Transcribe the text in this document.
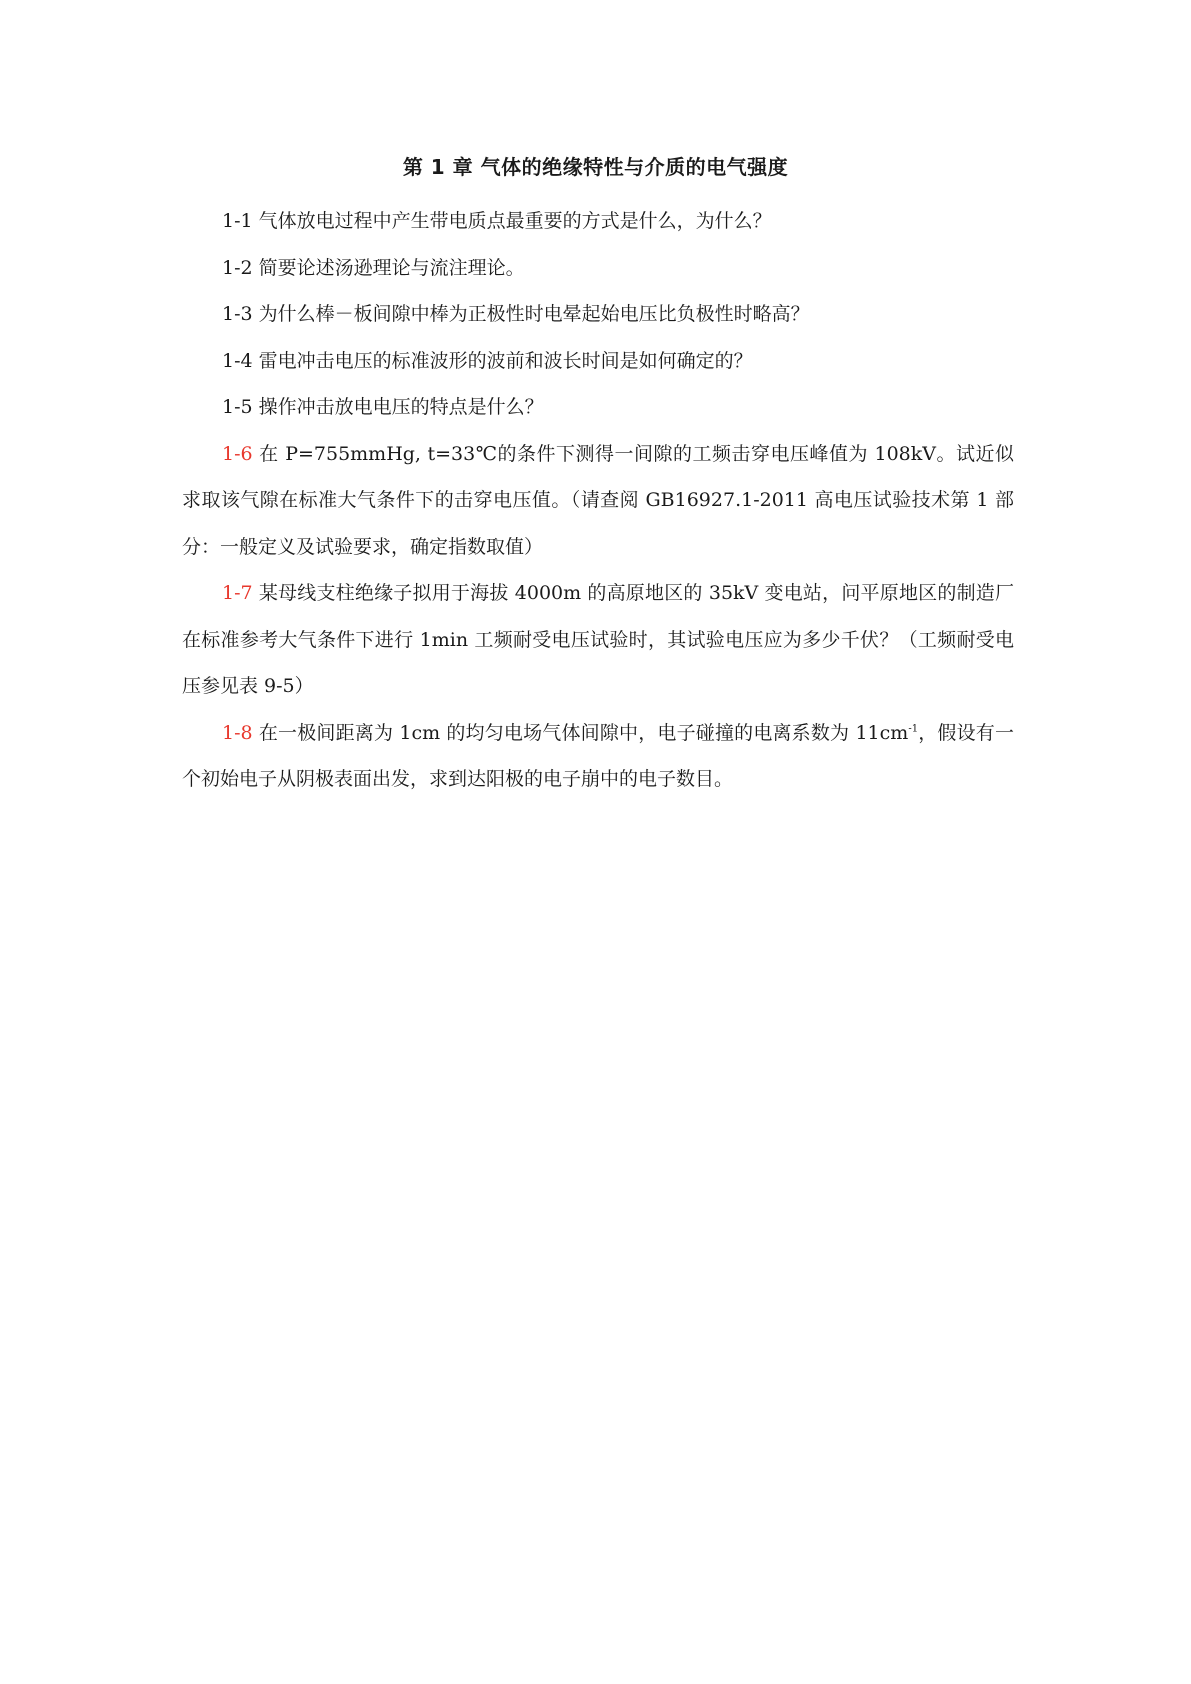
第 1 章 气体的绝缘特性与介质的电气强度

1-1 气体放电过程中产生带电质点最重要的方式是什么，为什么？

1-2 简要论述汤逊理论与流注理论。

1-3 为什么棒－板间隙中棒为正极性时电晕起始电压比负极性时略高？

1-4 雷电冲击电压的标准波形的波前和波长时间是如何确定的？

1-5 操作冲击放电电压的特点是什么？

1-6 在 P=755mmHg, t=33℃的条件下测得一间隙的工频击穿电压峰值为 108kV。试近似求取该气隙在标准大气条件下的击穿电压值。（请查阅 GB16927.1-2011 高电压试验技术第 1 部分：一般定义及试验要求，确定指数取值）

1-7 某母线支柱绝缘子拟用于海拔 4000m 的高原地区的 35kV 变电站，问平原地区的制造厂在标准参考大气条件下进行 1min 工频耐受电压试验时，其试验电压应为多少千伏？（工频耐受电压参见表 9-5）

1-8 在一极间距离为 1cm 的均匀电场气体间隙中，电子碰撞的电离系数为 $11cm^{-1}$，假设有一个初始电子从阴极表面出发，求到达阳极的电子崩中的电子数目。
